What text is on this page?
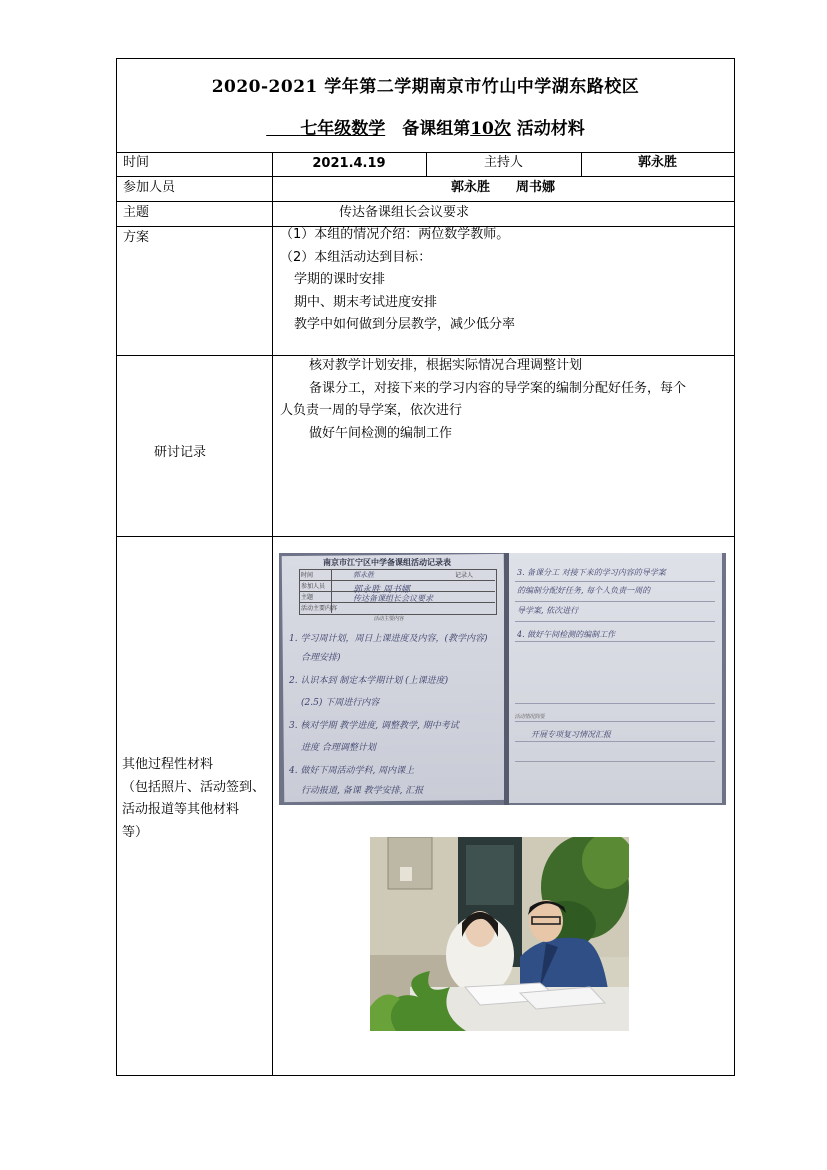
2020-2021 学年第二学期南京市竹山中学湖东路校区
　　七年级数学　备课组第10次 活动材料
时间	2021.4.19	主持人	郭永胜
参加人员	郭永胜　　周书娜
主题	传达备课组长会议要求
方案	（1）本组的情况介绍：两位数学教师。
（2）本组活动达到目标：
学期的课时安排
期中、期末考试进度安排
教学中如何做到分层教学，减少低分率
研讨记录
核对教学计划安排，根据实际情况合理调整计划
备课分工，对接下来的学习内容的导学案的编制分配好任务，每个
人负责一周的导学案，依次进行
做好午间检测的编制工作
其他过程性材料
（包括照片、活动签到、
活动报道等其他材料
等）
南京市江宁区中学备课组活动记录表
时间
参加人员
主题
活动主要内容
记录人
活动主要内容
郭永胜
郭永胜 周书娜
传达备课组长会议要求
1. 学习周计划，周日上课进度及内容，(教学内容)
合理安排)
2. 认识本到 制定本学期计划 (上课进度)
(2.5) 下周进行内容
3. 核对学期 教学进度, 调整教学, 期中考试
进度 合理调整计划
4. 做好下周活动学科, 周内课上
行动报道, 备课 教学安排, 汇报
活动情况简要
3. 备课分工 对接下来的学习内容的导学案
的编制分配好任务, 每个人负责一周的
导学案, 依次进行
4. 做好午间检测的编制工作
开展专项复习情况汇报
